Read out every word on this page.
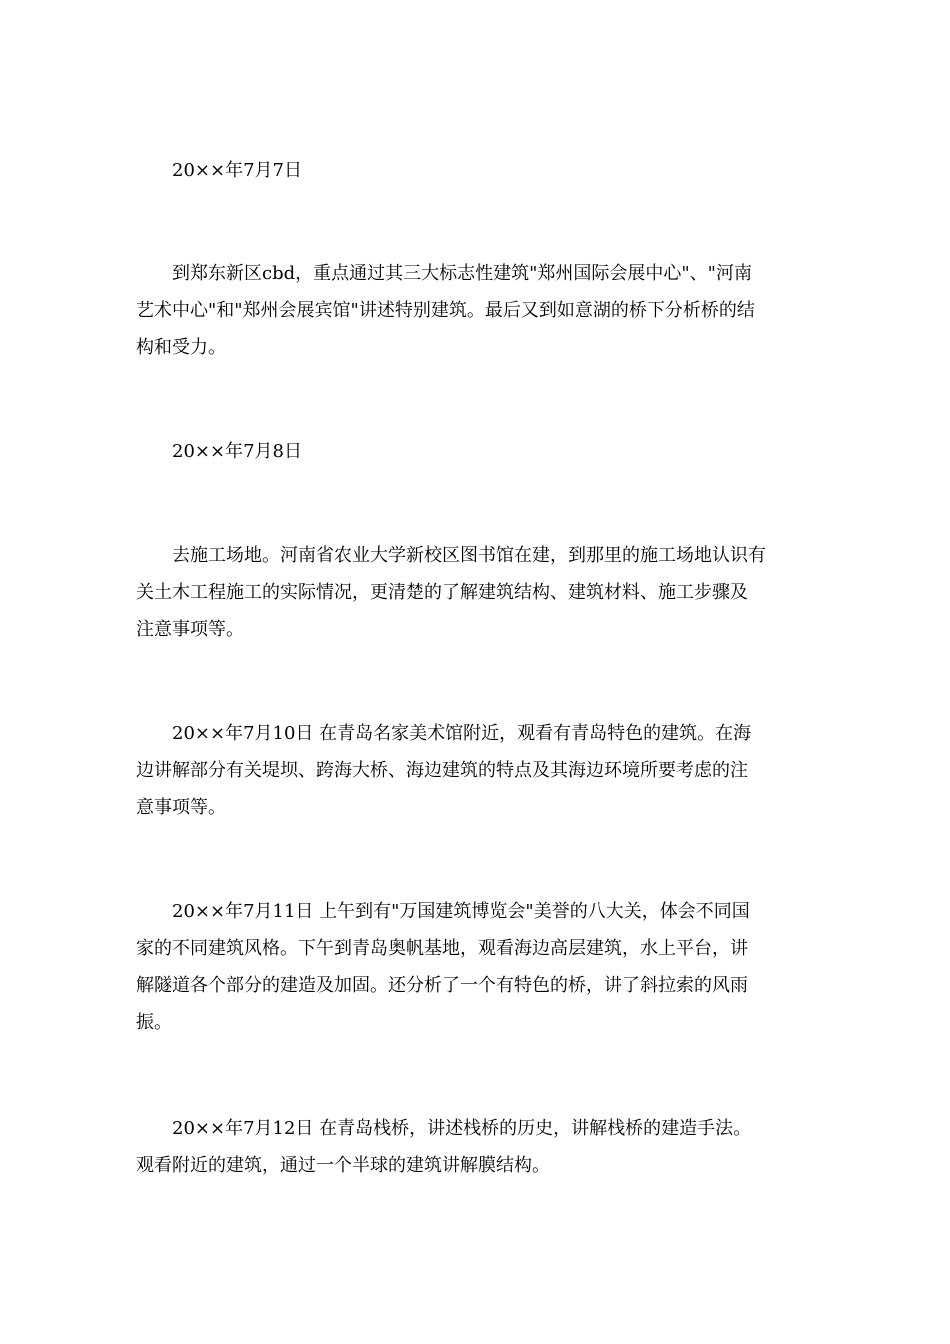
20××年7月7日

到郑东新区cbd，重点通过其三大标志性建筑"郑州国际会展中心"、"河南
艺术中心"和"郑州会展宾馆"讲述特别建筑。最后又到如意湖的桥下分析桥的结
构和受力。

20××年7月8日

去施工场地。河南省农业大学新校区图书馆在建，到那里的施工场地认识有
关土木工程施工的实际情况，更清楚的了解建筑结构、建筑材料、施工步骤及
注意事项等。

20××年7月10日 在青岛名家美术馆附近，观看有青岛特色的建筑。在海
边讲解部分有关堤坝、跨海大桥、海边建筑的特点及其海边环境所要考虑的注
意事项等。

20××年7月11日 上午到有"万国建筑博览会"美誉的八大关，体会不同国
家的不同建筑风格。下午到青岛奥帆基地，观看海边高层建筑，水上平台，讲
解隧道各个部分的建造及加固。还分析了一个有特色的桥，讲了斜拉索的风雨
振。

20××年7月12日 在青岛栈桥，讲述栈桥的历史，讲解栈桥的建造手法。
观看附近的建筑，通过一个半球的建筑讲解膜结构。
